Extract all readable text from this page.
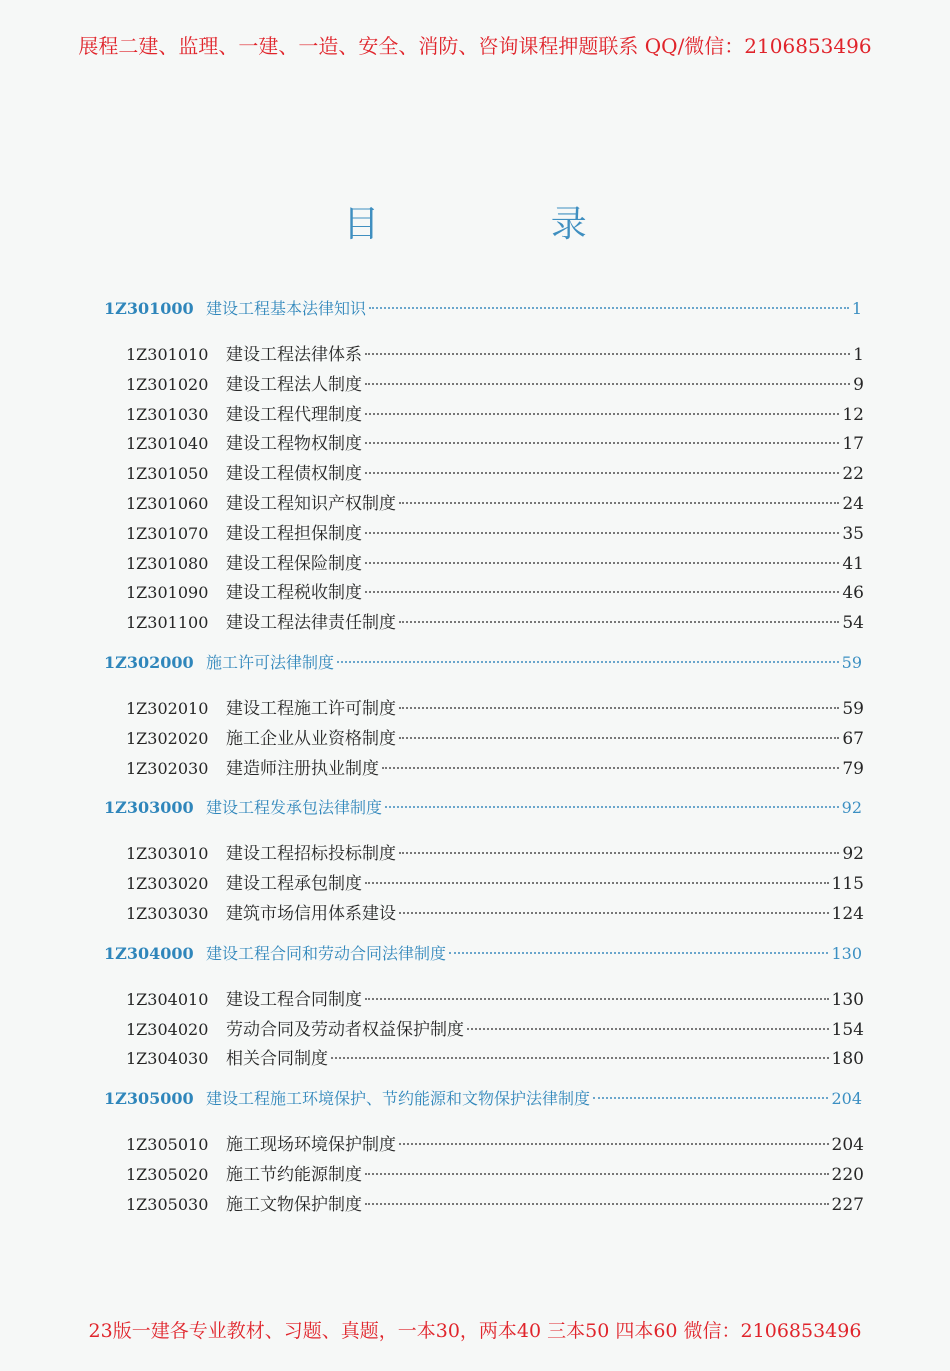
展程二建、监理、一建、一造、安全、消防、咨询课程押题联系 QQ/微信：2106853496
目 录
1Z301000 建设工程基本法律知识	1
1Z301010	建设工程法律体系	1
1Z301020	建设工程法人制度	9
1Z301030	建设工程代理制度	12
1Z301040	建设工程物权制度	17
1Z301050	建设工程债权制度	22
1Z301060	建设工程知识产权制度	24
1Z301070	建设工程担保制度	35
1Z301080	建设工程保险制度	41
1Z301090	建设工程税收制度	46
1Z301100	建设工程法律责任制度	54
1Z302000 施工许可法律制度	59
1Z302010	建设工程施工许可制度	59
1Z302020	施工企业从业资格制度	67
1Z302030	建造师注册执业制度	79
1Z303000 建设工程发承包法律制度	92
1Z303010	建设工程招标投标制度	92
1Z303020	建设工程承包制度	115
1Z303030	建筑市场信用体系建设	124
1Z304000 建设工程合同和劳动合同法律制度	130
1Z304010	建设工程合同制度	130
1Z304020	劳动合同及劳动者权益保护制度	154
1Z304030	相关合同制度	180
1Z305000 建设工程施工环境保护、节约能源和文物保护法律制度	204
1Z305010	施工现场环境保护制度	204
1Z305020	施工节约能源制度	220
1Z305030	施工文物保护制度	227
23版一建各专业教材、习题、真题，一本30，两本40 三本50 四本60 微信：2106853496
